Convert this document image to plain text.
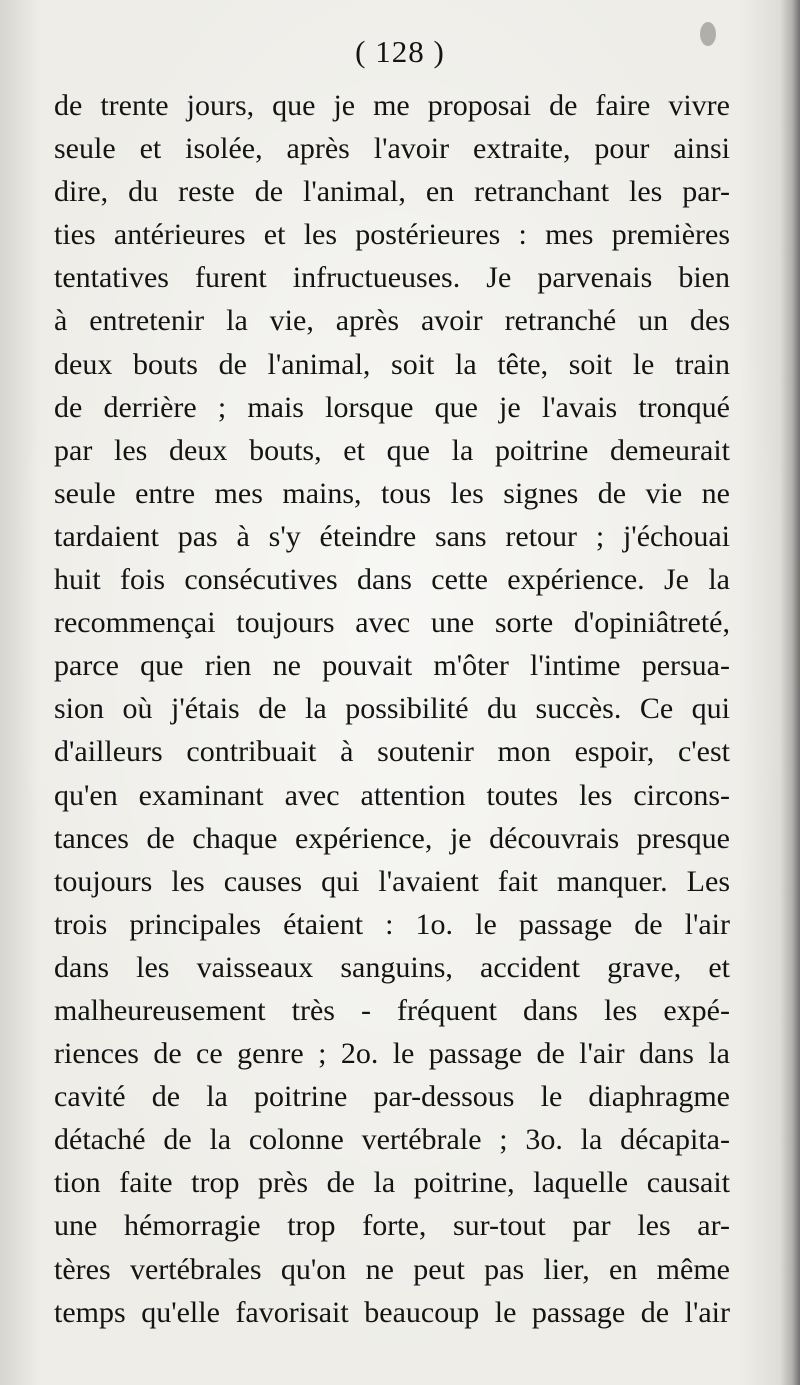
( 128 )
de trente jours, que je me proposai de faire vivre
seule et isolée, après l'avoir extraite, pour ainsi
dire, du reste de l'animal, en retranchant les par-
ties antérieures et les postérieures : mes premières
tentatives furent infructueuses. Je parvenais bien
à entretenir la vie, après avoir retranché un des
deux bouts de l'animal, soit la tête, soit le train
de derrière ; mais lorsque que je l'avais tronqué
par les deux bouts, et que la poitrine demeurait
seule entre mes mains, tous les signes de vie ne
tardaient pas à s'y éteindre sans retour ; j'échouai
huit fois consécutives dans cette expérience. Je la
recommençai toujours avec une sorte d'opiniâtreté,
parce que rien ne pouvait m'ôter l'intime persua-
sion où j'étais de la possibilité du succès. Ce qui
d'ailleurs contribuait à soutenir mon espoir, c'est
qu'en examinant avec attention toutes les circons-
tances de chaque expérience, je découvrais presque
toujours les causes qui l'avaient fait manquer. Les
trois principales étaient : 1o. le passage de l'air
dans les vaisseaux sanguins, accident grave, et
malheureusement très - fréquent dans les expé-
riences de ce genre ; 2o. le passage de l'air dans la
cavité de la poitrine par-dessous le diaphragme
détaché de la colonne vertébrale ; 3o. la décapita-
tion faite trop près de la poitrine, laquelle causait
une hémorragie trop forte, sur-tout par les ar-
tères vertébrales qu'on ne peut pas lier, en même
temps qu'elle favorisait beaucoup le passage de l'air
